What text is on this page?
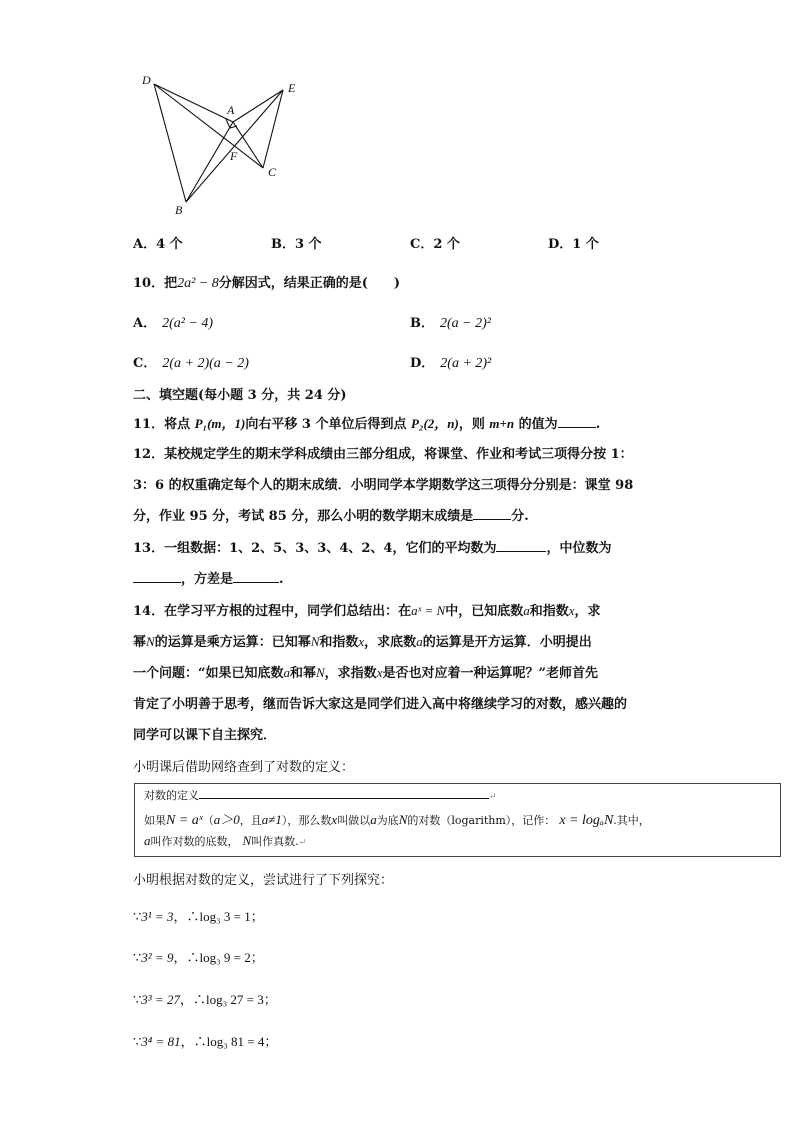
D
E
A
F
C
B
A．4 个	B．3 个	C．2 个	D．1 个
10．把2a² − 8分解因式，结果正确的是(　　)
A． 2(a² − 4)	B． 2(a − 2)²
C． 2(a + 2)(a − 2)	D． 2(a + 2)²
二、填空题(每小题 3 分，共 24 分)
11．将点 P₁(m，1)向右平移 3 个单位后得到点 P₂(2，n)，则 m+n 的值为	.
12．某校规定学生的期末学科成绩由三部分组成，将课堂、作业和考试三项得分按 1：
3：6 的权重确定每个人的期末成绩．小明同学本学期数学这三项得分分别是：课堂 98
分，作业 95 分，考试 85 分，那么小明的数学期末成绩是	分.
13．一组数据：1、2、5、3、3、4、2、4，它们的平均数为	，中位数为
，方差是	.
14．在学习平方根的过程中，同学们总结出：在aˣ = N中，已知底数a和指数x，求
幂N的运算是乘方运算：已知幂N和指数x，求底数a的运算是开方运算．小明提出
一个问题：“如果已知底数a和幂N，求指数x是否也对应着一种运算呢？”老师首先
肯定了小明善于思考，继而告诉大家这是同学们进入高中将继续学习的对数，感兴趣的
同学可以课下自主探究．
小明课后借助网络查到了对数的定义：
对数的定义	↵
如果N = aˣ（a＞0，且a≠1），那么数x叫做以a为底N的对数（logarithm），记作： x = logₐN.其中，
a叫作对数的底数， N叫作真数.↵
小明根据对数的定义，尝试进行了下列探究：
∵3¹ = 3，∴log₃ 3 = 1；
∵3² = 9，∴log₃ 9 = 2；
∵3³ = 27，∴log₃ 27 = 3；
∵3⁴ = 81，∴log₃ 81 = 4；
